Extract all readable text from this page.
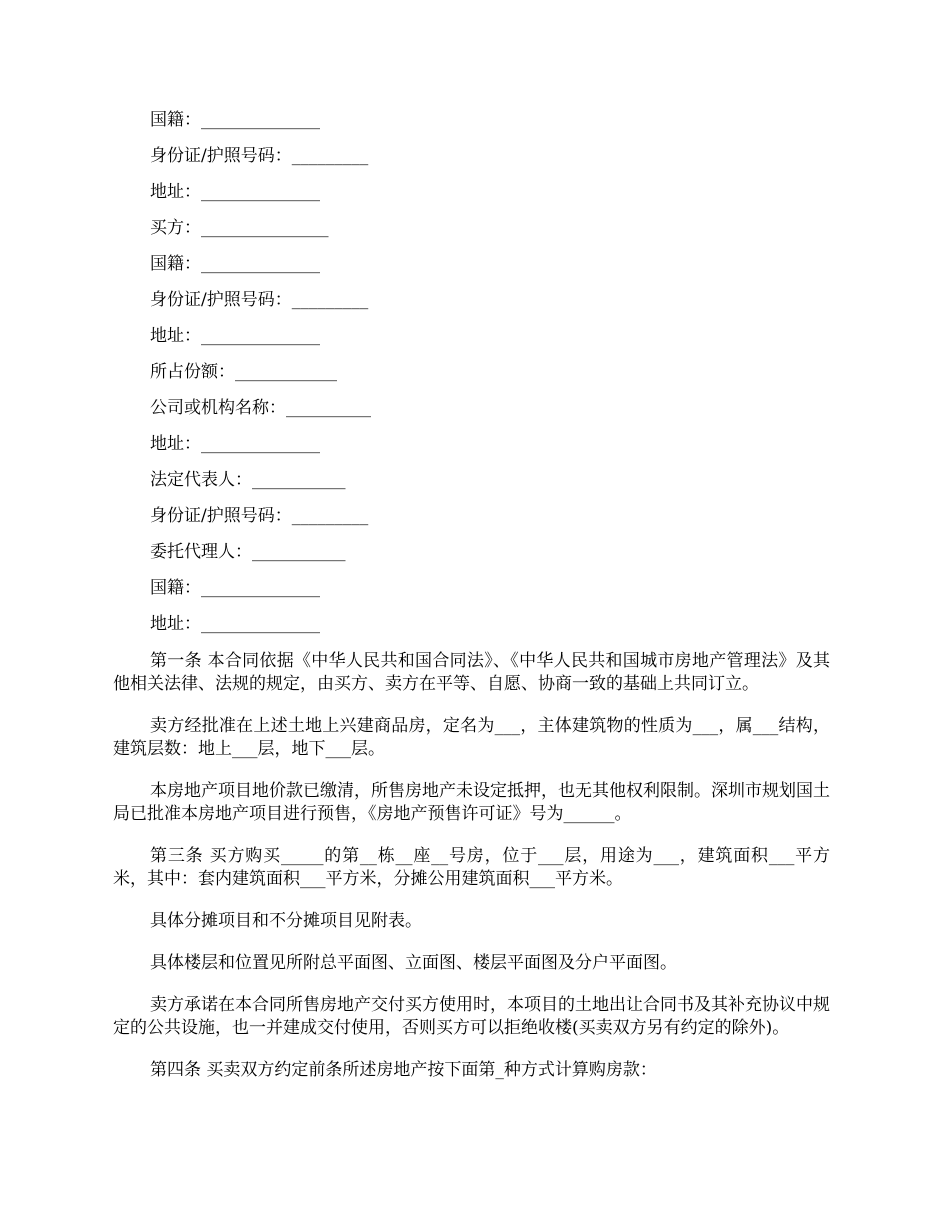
国籍：______________
身份证/护照号码：_________
地址：______________
买方：_______________
国籍：______________
身份证/护照号码：_________
地址：______________
所占份额：____________
公司或机构名称：__________
地址：______________
法定代表人：___________
身份证/护照号码：_________
委托代理人：___________
国籍：______________
地址：______________

第一条 本合同依据《中华人民共和国合同法》、《中华人民共和国城市房地产管理法》及其他相关法律、法规的规定，由买方、卖方在平等、自愿、协商一致的基础上共同订立。

卖方经批准在上述土地上兴建商品房，定名为___，主体建筑物的性质为___，属___结构，建筑层数：地上___层，地下___层。

本房地产项目地价款已缴清，所售房地产未设定抵押，也无其他权利限制。深圳市规划国土局已批准本房地产项目进行预售，《房地产预售许可证》号为______。

第三条 买方购买_____的第__栋__座__号房，位于___层，用途为___，建筑面积___平方米，其中：套内建筑面积___平方米，分摊公用建筑面积___平方米。

具体分摊项目和不分摊项目见附表。

具体楼层和位置见所附总平面图、立面图、楼层平面图及分户平面图。

卖方承诺在本合同所售房地产交付买方使用时，本项目的土地出让合同书及其补充协议中规定的公共设施，也一并建成交付使用，否则买方可以拒绝收楼(买卖双方另有约定的除外)。

第四条 买卖双方约定前条所述房地产按下面第_种方式计算购房款：
